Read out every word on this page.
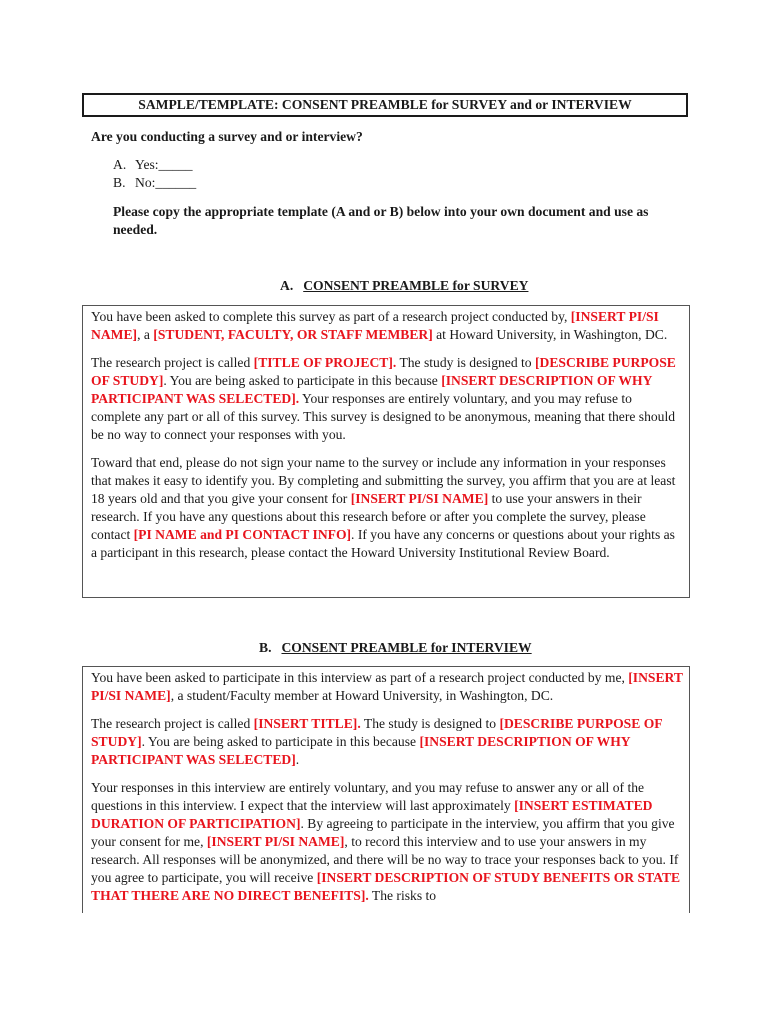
SAMPLE/TEMPLATE: CONSENT PREAMBLE for SURVEY and or INTERVIEW
Are you conducting a survey and or interview?
A. Yes:_____
B. No:______
Please copy the appropriate template (A and or B) below into your own document and use as needed.
A. CONSENT PREAMBLE for SURVEY

You have been asked to complete this survey as part of a research project conducted by, [INSERT PI/SI NAME], a [STUDENT, FACULTY, OR STAFF MEMBER] at Howard University, in Washington, DC.

The research project is called [TITLE OF PROJECT]. The study is designed to [DESCRIBE PURPOSE OF STUDY]. You are being asked to participate in this because [INSERT DESCRIPTION OF WHY PARTICIPANT WAS SELECTED]. Your responses are entirely voluntary, and you may refuse to complete any part or all of this survey. This survey is designed to be anonymous, meaning that there should be no way to connect your responses with you.

Toward that end, please do not sign your name to the survey or include any information in your responses that makes it easy to identify you. By completing and submitting the survey, you affirm that you are at least 18 years old and that you give your consent for [INSERT PI/SI NAME] to use your answers in their research. If you have any questions about this research before or after you complete the survey, please contact [PI NAME and PI CONTACT INFO]. If you have any concerns or questions about your rights as a participant in this research, please contact the Howard University Institutional Review Board.

B. CONSENT PREAMBLE for INTERVIEW

You have been asked to participate in this interview as part of a research project conducted by me, [INSERT PI/SI NAME], a student/Faculty member at Howard University, in Washington, DC.

The research project is called [INSERT TITLE]. The study is designed to [DESCRIBE PURPOSE OF STUDY]. You are being asked to participate in this because [INSERT DESCRIPTION OF WHY PARTICIPANT WAS SELECTED].

Your responses in this interview are entirely voluntary, and you may refuse to answer any or all of the questions in this interview. I expect that the interview will last approximately [INSERT ESTIMATED DURATION OF PARTICIPATION]. By agreeing to participate in the interview, you affirm that you give your consent for me, [INSERT PI/SI NAME], to record this interview and to use your answers in my research. All responses will be anonymized, and there will be no way to trace your responses back to you. If you agree to participate, you will receive [INSERT DESCRIPTION OF STUDY BENEFITS OR STATE THAT THERE ARE NO DIRECT BENEFITS]. The risks to
